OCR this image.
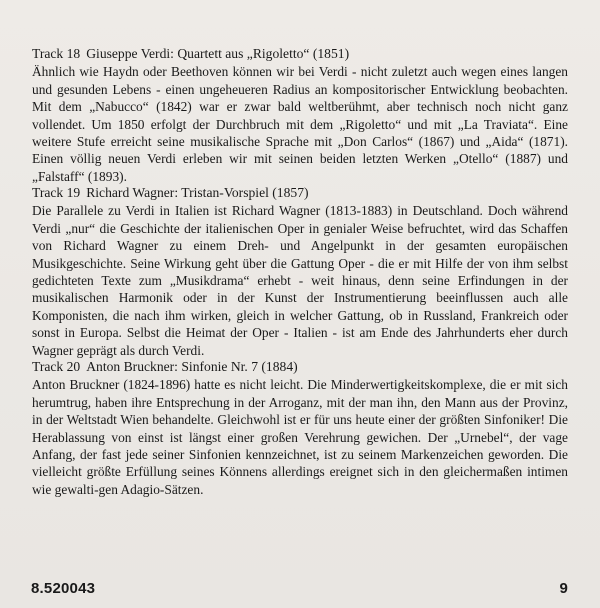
Track 18 Giuseppe Verdi: Quartett aus „Rigoletto“ (1851)

Ähnlich wie Haydn oder Beethoven können wir bei Verdi - nicht zuletzt auch wegen eines langen und gesunden Lebens - einen ungeheueren Radius an kompositorischer Entwicklung beobachten. Mit dem „Nabucco“ (1842) war er zwar bald weltberühmt, aber technisch noch nicht ganz vollendet. Um 1850 erfolgt der Durchbruch mit dem „Rigoletto“ und mit „La Traviata“. Eine weitere Stufe erreicht seine musikalische Sprache mit „Don Carlos“ (1867) und „Aida“ (1871). Einen völlig neuen Verdi erleben wir mit seinen beiden letzten Werken „Otello“ (1887) und „Falstaff“ (1893).

Track 19 Richard Wagner: Tristan-Vorspiel (1857)

Die Parallele zu Verdi in Italien ist Richard Wagner (1813-1883) in Deutschland. Doch während Verdi „nur“ die Geschichte der italienischen Oper in genialer Weise befruchtet, wird das Schaffen von Richard Wagner zu einem Dreh- und Angelpunkt in der gesamten europäischen Musikgeschichte. Seine Wirkung geht über die Gattung Oper - die er mit Hilfe der von ihm selbst gedichteten Texte zum „Musikdrama“ erhebt - weit hinaus, denn seine Erfindungen in der musikalischen Harmonik oder in der Kunst der Instrumentierung beeinflussen auch alle Komponisten, die nach ihm wirken, gleich in welcher Gattung, ob in Russland, Frankreich oder sonst in Europa. Selbst die Heimat der Oper - Italien - ist am Ende des Jahrhunderts eher durch Wagner geprägt als durch Verdi.

Track 20 Anton Bruckner: Sinfonie Nr. 7 (1884)

Anton Bruckner (1824-1896) hatte es nicht leicht. Die Minderwertigkeitskomplexe, die er mit sich herumtrug, haben ihre Entsprechung in der Arroganz, mit der man ihn, den Mann aus der Provinz, in der Weltstadt Wien behandelte. Gleichwohl ist er für uns heute einer der größten Sinfoniker! Die Herablassung von einst ist längst einer großen Verehrung gewichen. Der „Urnebel“, der vage Anfang, der fast jede seiner Sinfonien kennzeichnet, ist zu seinem Markenzeichen geworden. Die vielleicht größte Erfüllung seines Könnens allerdings ereignet sich in den gleichermaßen intimen wie gewalti-gen Adagio-Sätzen.

8.520043	9
